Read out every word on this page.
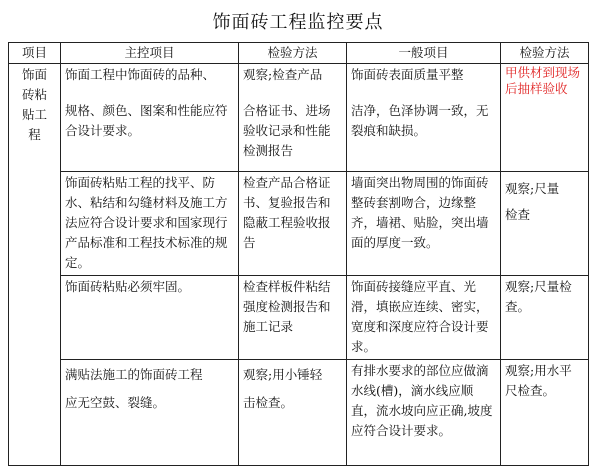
饰面砖工程监控要点
项目	主控项目	检验方法	一般项目	检验方法

饰面
砖粘
贴工
程	饰面工程中饰面砖的品种、
规格、颜色、图案和性能应符合设计要求。	观察;检查产品
合格证书、进场验收记录和性能检测报告	饰面砖表面质量平整
洁净，色泽协调一致，无裂痕和缺损。	甲供材到现场后抽样验收

	饰面砖粘贴工程的找平、防水、粘结和勾缝材料及施工方法应符合设计要求和国家现行产品标准和工程技术标准的规定。	检查产品合格证书、复验报告和隐蔽工程验收报告	墙面突出物周围的饰面砖整砖套割吻合，边缘整齐，墙裙、贴脸，突出墙面的厚度一致。	观察;尺量
检查

	饰面砖粘贴必须牢固。	检查样板件粘结强度检测报告和施工记录	饰面砖接缝应平直、光滑，填嵌应连续、密实，宽度和深度应符合设计要求。	观察;尺量检查。

	满贴法施工的饰面砖工程
应无空鼓、裂缝。	观察;用小锤轻
击检查。	有排水要求的部位应做滴水线(槽)，滴水线应顺直，流水坡向应正确,坡度应符合设计要求。	观察;用水平尺检查。
